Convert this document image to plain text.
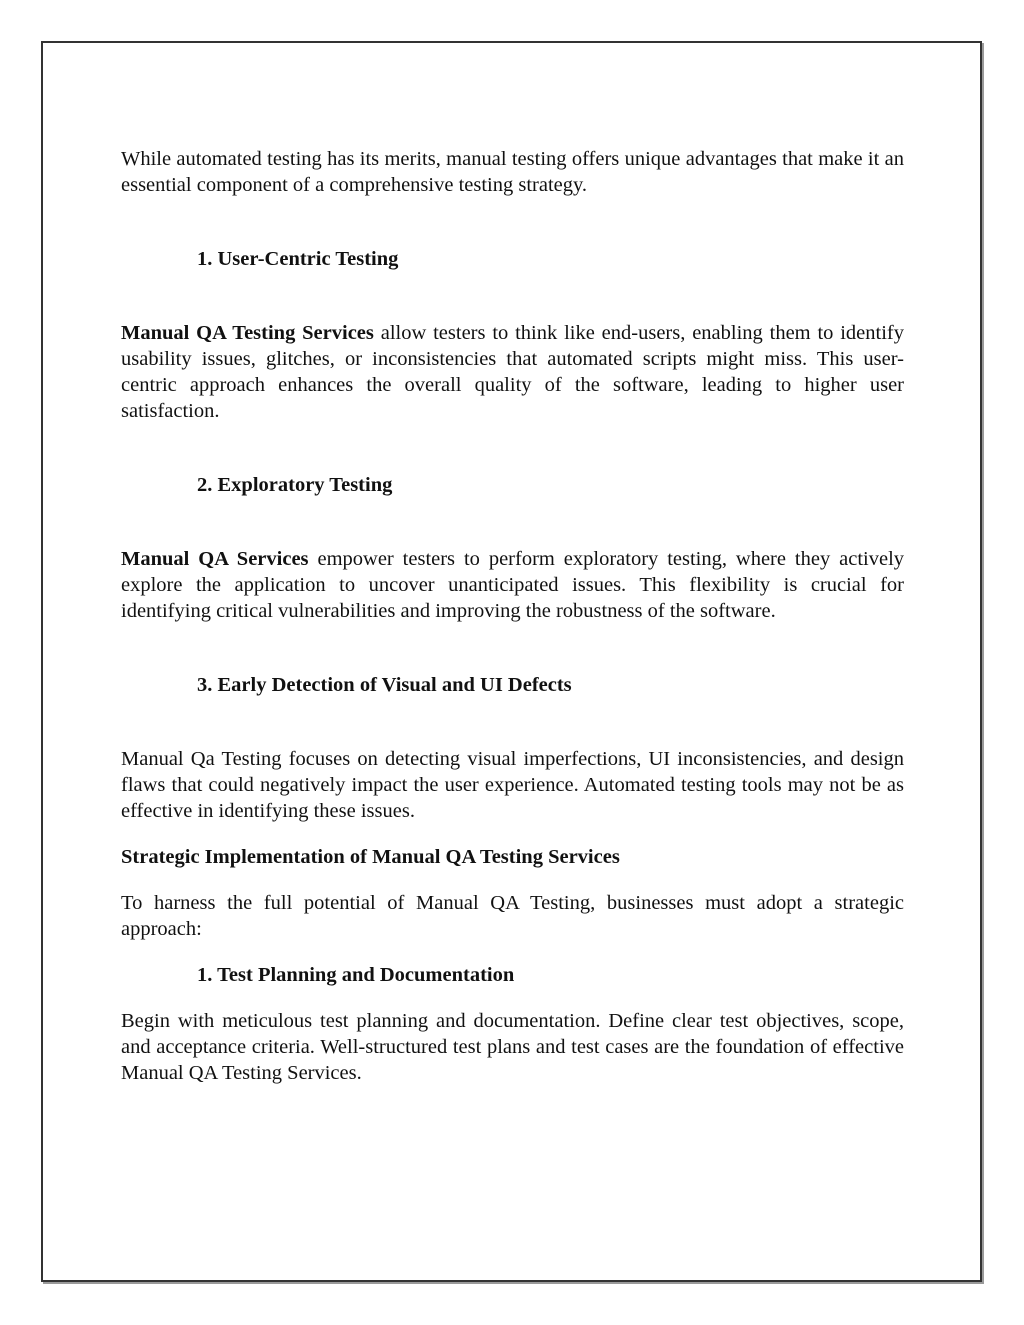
While automated testing has its merits, manual testing offers unique advantages that make it an essential component of a comprehensive testing strategy.

1. User-Centric Testing

Manual QA Testing Services allow testers to think like end-users, enabling them to identify usability issues, glitches, or inconsistencies that automated scripts might miss. This user-centric approach enhances the overall quality of the software, leading to higher user satisfaction.

2. Exploratory Testing

Manual QA Services empower testers to perform exploratory testing, where they actively explore the application to uncover unanticipated issues. This flexibility is crucial for identifying critical vulnerabilities and improving the robustness of the software.

3. Early Detection of Visual and UI Defects

Manual Qa Testing focuses on detecting visual imperfections, UI inconsistencies, and design flaws that could negatively impact the user experience. Automated testing tools may not be as effective in identifying these issues.

Strategic Implementation of Manual QA Testing Services

To harness the full potential of Manual QA Testing, businesses must adopt a strategic approach:

1. Test Planning and Documentation

Begin with meticulous test planning and documentation. Define clear test objectives, scope, and acceptance criteria. Well-structured test plans and test cases are the foundation of effective Manual QA Testing Services.
